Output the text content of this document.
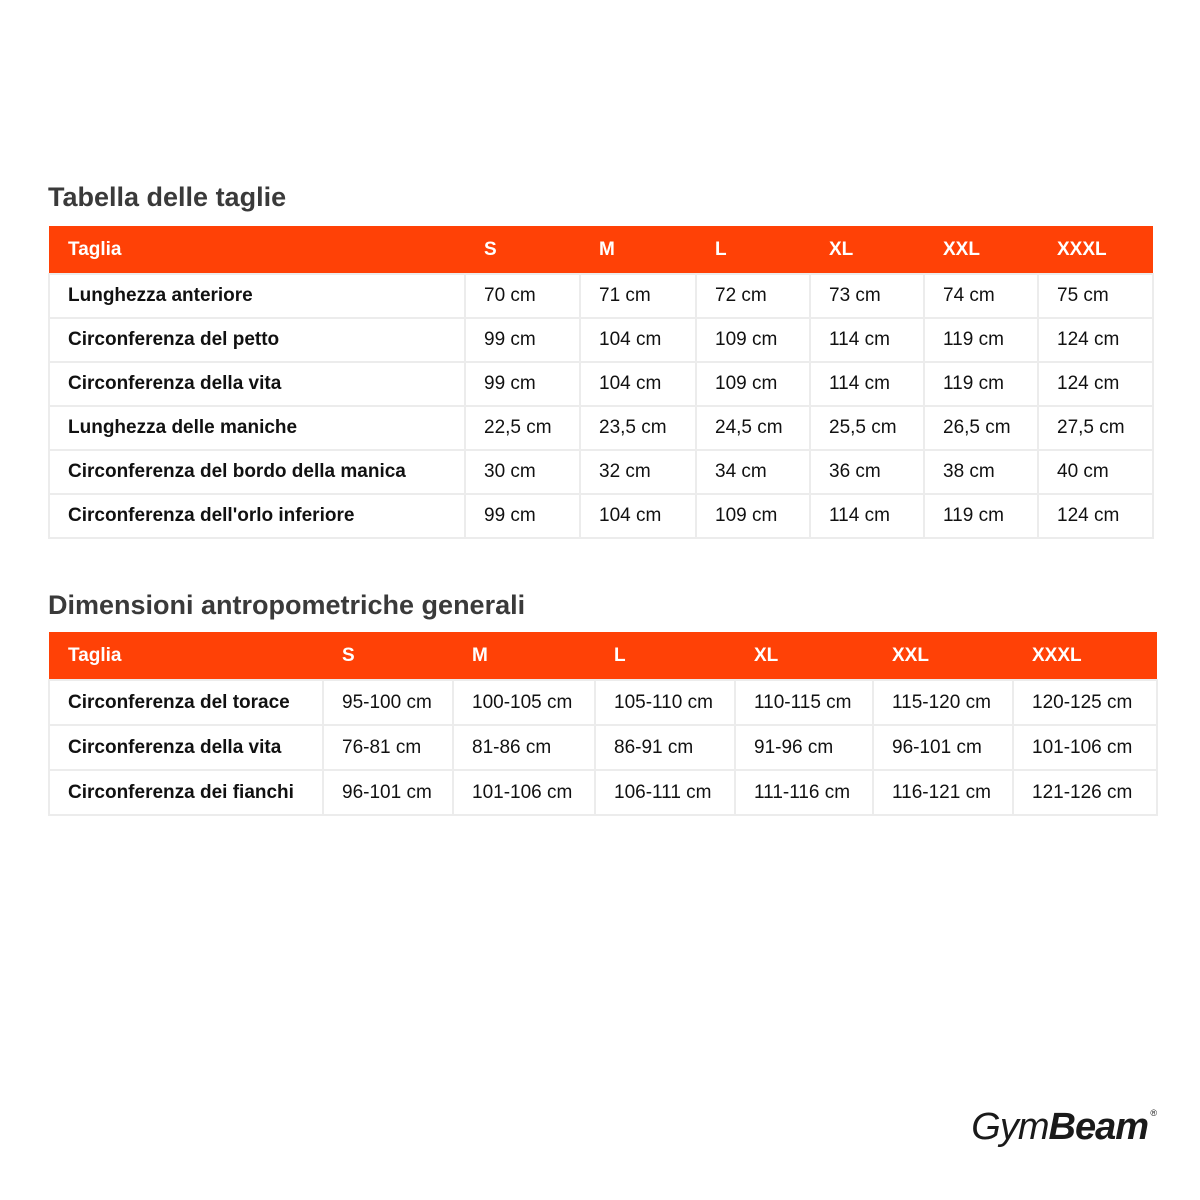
Tabella delle taglie
Taglia	S	M	L	XL	XXL	XXXL
Lunghezza anteriore	70 cm	71 cm	72 cm	73 cm	74 cm	75 cm
Circonferenza del petto	99 cm	104 cm	109 cm	114 cm	119 cm	124 cm
Circonferenza della vita	99 cm	104 cm	109 cm	114 cm	119 cm	124 cm
Lunghezza delle maniche	22,5 cm	23,5 cm	24,5 cm	25,5 cm	26,5 cm	27,5 cm
Circonferenza del bordo della manica	30 cm	32 cm	34 cm	36 cm	38 cm	40 cm
Circonferenza dell'orlo inferiore	99 cm	104 cm	109 cm	114 cm	119 cm	124 cm
Dimensioni antropometriche generali
Taglia	S	M	L	XL	XXL	XXXL
Circonferenza del torace	95-100 cm	100-105 cm	105-110 cm	110-115 cm	115-120 cm	120-125 cm
Circonferenza della vita	76-81 cm	81-86 cm	86-91 cm	91-96 cm	96-101 cm	101-106 cm
Circonferenza dei fianchi	96-101 cm	101-106 cm	106-111 cm	111-116 cm	116-121 cm	121-126 cm
GymBeam ®
